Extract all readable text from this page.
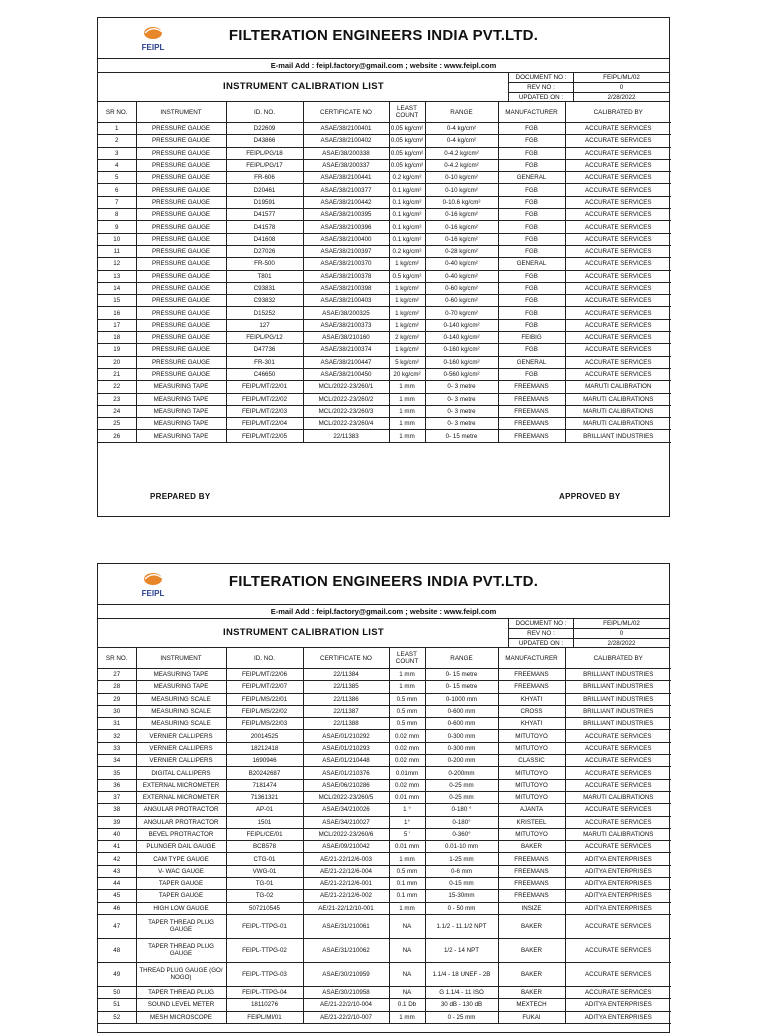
FEIPL
FILTERATION ENGINEERS INDIA PVT.LTD.
E-mail Add : feipl.factory@gmail.com ; website : www.feipl.com
INSTRUMENT CALIBRATION LIST
DOCUMENT NO :	FEIPL/ML/02
REV NO :	0
UPDATED ON :	2/28/2022
SR NO.	INSTRUMENT	ID. NO.	CERTIFICATE NO	LEAST COUNT	RANGE	MANUFACTURER	CALIBRATED BY
1	PRESSURE GAUGE	D22609	ASAE/38/2100401	0.05 kg/cm²	0-4 kg/cm²	FGB	ACCURATE SERVICES
2	PRESSURE GAUGE	D43866	ASAE/38/2100402	0.05 kg/cm²	0-4 kg/cm²	FGB	ACCURATE SERVICES
3	PRESSURE GAUGE	FEIPL/PG/18	ASAE/38/200338	0.05 kg/cm²	0-4.2 kg/cm²	FGB	ACCURATE SERVICES
4	PRESSURE GAUGE	FEIPL/PG/17	ASAE/38/200337	0.05 kg/cm²	0-4.2 kg/cm²	FGB	ACCURATE SERVICES
5	PRESSURE GAUGE	FR-606	ASAE/38/2100441	0.2 kg/cm²	0-10 kg/cm²	GENERAL	ACCURATE SERVICES
6	PRESSURE GAUGE	D20461	ASAE/38/2100377	0.1 kg/cm²	0-10 kg/cm²	FGB	ACCURATE SERVICES
7	PRESSURE GAUGE	D19591	ASAE/38/2100442	0.1 kg/cm²	0-10.6 kg/cm²	FGB	ACCURATE SERVICES
8	PRESSURE GAUGE	D41577	ASAE/38/2100395	0.1 kg/cm²	0-16 kg/cm²	FGB	ACCURATE SERVICES
9	PRESSURE GAUGE	D41578	ASAE/38/2100396	0.1 kg/cm²	0-16 kg/cm²	FGB	ACCURATE SERVICES
10	PRESSURE GAUGE	D41608	ASAE/38/2100400	0.1 kg/cm²	0-16 kg/cm²	FGB	ACCURATE SERVICES
11	PRESSURE GAUGE	D27026	ASAE/38/2100397	0.2 kg/cm²	0-28 kg/cm²	FGB	ACCURATE SERVICES
12	PRESSURE GAUGE	FR-500	ASAE/38/2100370	1 kg/cm²	0-40 kg/cm²	GENERAL	ACCURATE SERVICES
13	PRESSURE GAUGE	T801	ASAE/38/2100378	0.5 kg/cm²	0-40 kg/cm²	FGB	ACCURATE SERVICES
14	PRESSURE GAUGE	C93831	ASAE/38/2100398	1 kg/cm²	0-60 kg/cm²	FGB	ACCURATE SERVICES
15	PRESSURE GAUGE	C93832	ASAE/38/2100403	1 kg/cm²	0-60 kg/cm²	FGB	ACCURATE SERVICES
16	PRESSURE GAUGE	D15252	ASAE/38/200325	1 kg/cm²	0-70 kg/cm²	FGB	ACCURATE SERVICES
17	PRESSURE GAUGE	127	ASAE/38/2100373	1 kg/cm²	0-140 kg/cm²	FGB	ACCURATE SERVICES
18	PRESSURE GAUGE	FEIPL/PG/12	ASAE/38/210160	2 kg/cm²	0-140 kg/cm²	FEIBIG	ACCURATE SERVICES
19	PRESSURE GAUGE	D47736	ASAE/38/2100374	1 kg/cm²	0-160 kg/cm²	FGB	ACCURATE SERVICES
20	PRESSURE GAUGE	FR-301	ASAE/38/2100447	5 kg/cm²	0-160 kg/cm²	GENERAL	ACCURATE SERVICES
21	PRESSURE GAUGE	C46650	ASAE/38/2100450	20 kg/cm²	0-560 kg/cm²	FGB	ACCURATE SERVICES
22	MEASURING TAPE	FEIPL/MT/22/01	MCL/2022-23/260/1	1 mm	0- 3 metre	FREEMANS	MARUTI CALIBRATION
23	MEASURING TAPE	FEIPL/MT/22/02	MCL/2022-23/260/2	1 mm	0- 3 metre	FREEMANS	MARUTI CALIBRATIONS
24	MEASURING TAPE	FEIPL/MT/22/03	MCL/2022-23/260/3	1 mm	0- 3 metre	FREEMANS	MARUTI CALIBRATIONS
25	MEASURING TAPE	FEIPL/MT/22/04	MCL/2022-23/260/4	1 mm	0- 3 metre	FREEMANS	MARUTI CALIBRATIONS
26	MEASURING TAPE	FEIPL/MT/22/05	22/11383	1 mm	0- 15 metre	FREEMANS	BRILLIANT INDUSTRIES
PREPARED BY	APPROVED BY
FEIPL
FILTERATION ENGINEERS INDIA PVT.LTD.
E-mail Add : feipl.factory@gmail.com ; website : www.feipl.com
INSTRUMENT CALIBRATION LIST
DOCUMENT NO :	FEIPL/ML/02
REV NO :	0
UPDATED ON :	2/28/2022
SR NO.	INSTRUMENT	ID. NO.	CERTIFICATE NO	LEAST COUNT	RANGE	MANUFACTURER	CALIBRATED BY
27	MEASURING TAPE	FEIPL/MT/22/06	22/11384	1 mm	0- 15 metre	FREEMANS	BRILLIANT INDUSTRIES
28	MEASURING TAPE	FEIPL/MT/22/07	22/11385	1 mm	0- 15 metre	FREEMANS	BRILLIANT INDUSTRIES
29	MEASURING SCALE	FEIPL/MS/22/01	22/11386	0.5 mm	0-1000 mm	KHYATI	BRILLIANT INDUSTRIES
30	MEASURING SCALE	FEIPL/MS/22/02	22/11387	0.5 mm	0-600 mm	CROSS	BRILLIANT INDUSTRIES
31	MEASURING SCALE	FEIPL/MS/22/03	22/11388	0.5 mm	0-600 mm	KHYATI	BRILLIANT INDUSTRIES
32	VERNIER CALLIPERS	20014525	ASAE/01/210292	0.02 mm	0-300 mm	MITUTOYO	ACCURATE SERVICES
33	VERNIER CALLIPERS	18212418	ASAE/01/210293	0.02 mm	0-300 mm	MITUTOYO	ACCURATE SERVICES
34	VERNIER CALLIPERS	1690946	ASAE/01/210448	0.02 mm	0-200 mm	CLASSIC	ACCURATE SERVICES
35	DIGITAL CALLIPERS	B20242687	ASAE/01/210376	0.01mm	0-200mm	MITUTOYO	ACCURATE SERVICES
36	EXTERNAL MICROMETER	7181474	ASAE/06/210286	0.02 mm	0-25 mm	MITUTOYO	ACCURATE SERVICES
37	EXTERNAL MICROMETER	71361321	MCL/2022-23/260/5	0.01 mm	0-25 mm	MITUTOYO	MARUTI CALIBRATIONS
38	ANGULAR PROTRACTOR	AP-01	ASAE/34/210026	1 °	0-180 °	AJANTA	ACCURATE SERVICES
39	ANGULAR PROTRACTOR	1501	ASAE/34/210027	1°	0-180°	KRISTEEL	ACCURATE SERVICES
40	BEVEL PROTRACTOR	FEIPL/CE/01	MCL/2022-23/260/6	5 '	0-360°	MITUTOYO	MARUTI CALIBRATIONS
41	PLUNGER DAIL GAUGE	BCB578	ASAE/09/210042	0.01 mm	0.01-10 mm	BAKER	ACCURATE SERVICES
42	CAM TYPE GAUGE	CTG-01	AE/21-22/12/6-003	1 mm	1-25 mm	FREEMANS	ADITYA ENTERPRISES
43	V- WAC GAUGE	VWG-01	AE/21-22/12/6-004	0.5 mm	0-6 mm	FREEMANS	ADITYA ENTERPRISES
44	TAPER GAUGE	TG-01	AE/21-22/12/6-001	0.1 mm	0-15 mm	FREEMANS	ADITYA ENTERPRISES
45	TAPER GAUGE	TG-02	AE/21-22/12/6-002	0.1 mm	15-30mm	FREEMANS	ADITYA ENTERPRISES
46	HIGH LOW GAUGE	507210545	AE/21-22/12/10-001	1 mm	0 - 50 mm	INSIZE	ADITYA ENTERPRISES
47	TAPER THREAD PLUG GAUGE	FEIPL-TTPG-01	ASAE/31/210061	NA	1.1/2 - 11.1/2 NPT	BAKER	ACCURATE SERVICES
48	TAPER THREAD PLUG GAUGE	FEIPL-TTPG-02	ASAE/31/210062	NA	1/2 - 14 NPT	BAKER	ACCURATE SERVICES
49	THREAD PLUG GAUGE (GO/ NOGO)	FEIPL-TTPG-03	ASAE/30/210959	NA	1.1/4 - 18 UNEF - 2B	BAKER	ACCURATE SERVICES
50	TAPER THREAD PLUG	FEIPL-TTPG-04	ASAE/30/210958	NA	G 1.1/4 - 11 ISO	BAKER	ACCURATE SERVICES
51	SOUND LEVEL METER	18110276	AE/21-22/2/10-004	0.1 Db	30 dB - 130 dB	MEXTECH	ADITYA ENTERPRISES
52	MESH MICROSCOPE	FEIPL/MI/01	AE/21-22/2/10-007	1 mm	0 - 25 mm	FUKAI	ADITYA ENTERPRISES
